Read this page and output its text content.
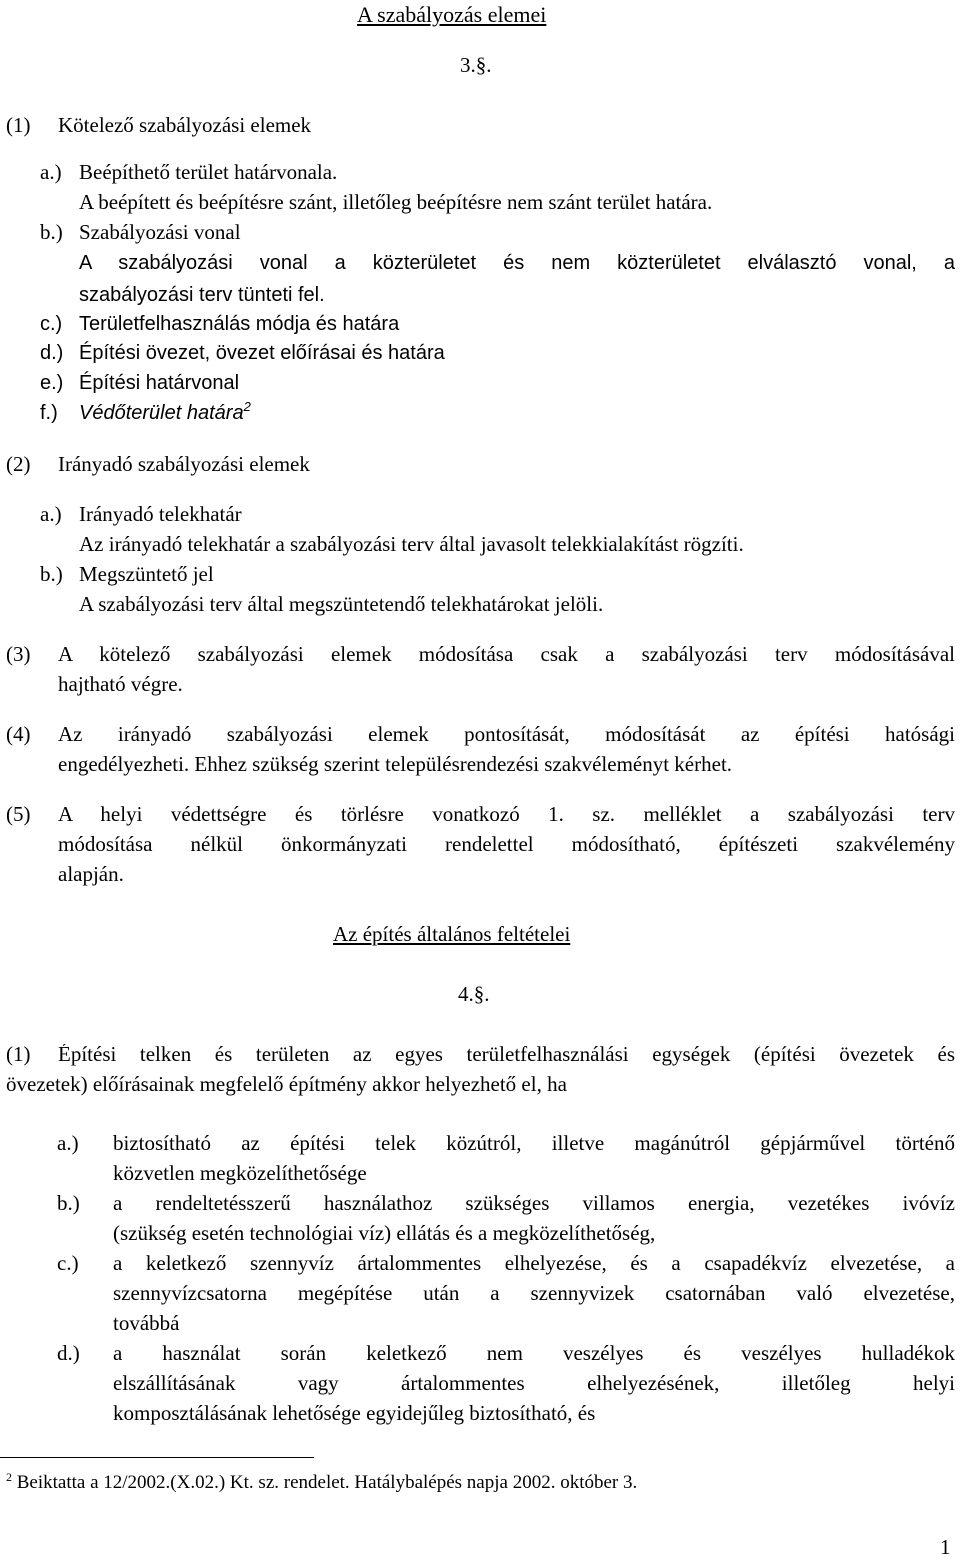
A szabályozás elemei
3.§.
(1) Kötelező szabályozási elemek
a.) Beépíthető terület határvonala.
A beépített és beépítésre szánt, illetőleg beépítésre nem szánt terület határa.
b.) Szabályozási vonal
A szabályozási vonal a közterületet és nem közterületet elválasztó vonal, a
szabályozási terv tünteti fel.
c.) Területfelhasználás módja és határa
d.) Építési övezet, övezet előírásai és határa
e.) Építési határvonal
f.) Védőterület határa$^2$
(2) Irányadó szabályozási elemek
a.) Irányadó telekhatár
Az irányadó telekhatár a szabályozási terv által javasolt telekkialakítást rögzíti.
b.) Megszüntető jel
A szabályozási terv által megszüntetendő telekhatárokat jelöli.
(3) A kötelező szabályozási elemek módosítása csak a szabályozási terv módosításával
hajtható végre.
(4) Az irányadó szabályozási elemek pontosítását, módosítását az építési hatósági
engedélyezheti. Ehhez szükség szerint településrendezési szakvéleményt kérhet.
(5) A helyi védettségre és törlésre vonatkozó 1. sz. melléklet a szabályozási terv
módosítása nélkül önkormányzati rendelettel módosítható, építészeti szakvélemény
alapján.
Az építés általános feltételei
4.§.
(1) Építési telken és területen az egyes területfelhasználási egységek (építési övezetek és
övezetek) előírásainak megfelelő építmény akkor helyezhető el, ha
a.) biztosítható az építési telek közútról, illetve magánútról gépjárművel történő
közvetlen megközelíthetősége
b.) a rendeltetésszerű használathoz szükséges villamos energia, vezetékes ivóvíz
(szükség esetén technológiai víz) ellátás és a megközelíthetőség,
c.) a keletkező szennyvíz ártalommentes elhelyezése, és a csapadékvíz elvezetése, a
szennyvízcsatorna megépítése után a szennyvizek csatornában való elvezetése,
továbbá
d.) a használat során keletkező nem veszélyes és veszélyes hulladékok
elszállításának vagy ártalommentes elhelyezésének, illetőleg helyi
komposztálásának lehetősége egyidejűleg biztosítható, és
$^2$ Beiktatta a 12/2002.(X.02.) Kt. sz. rendelet. Hatálybalépés napja 2002. október 3.
1
